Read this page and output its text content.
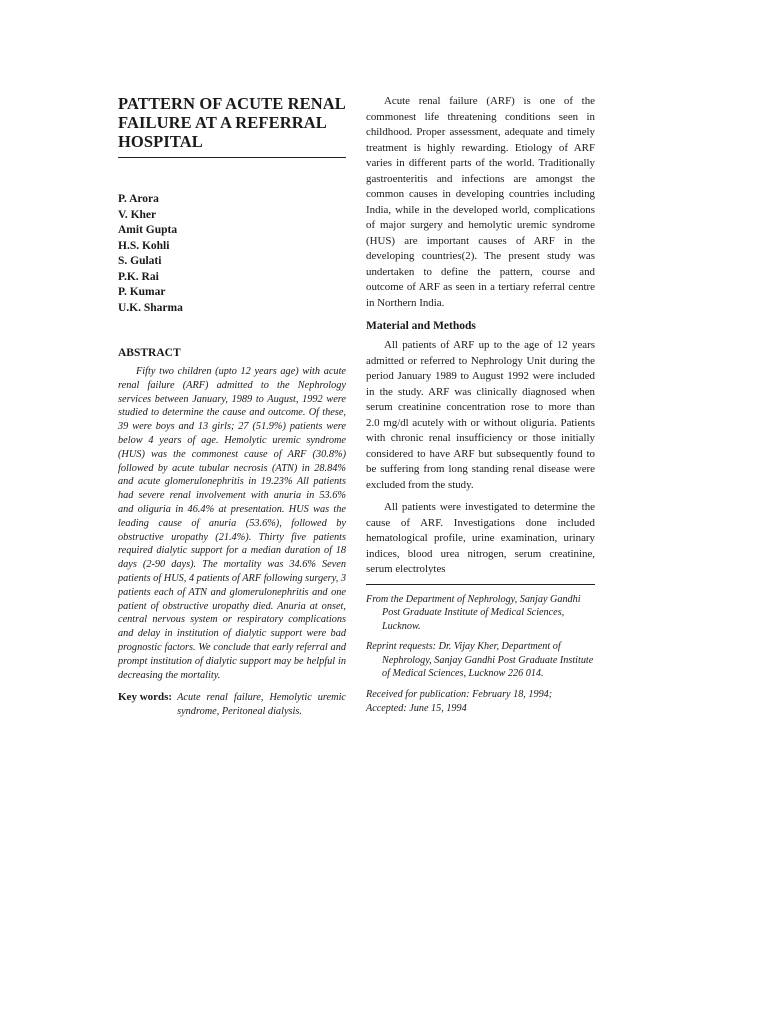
PATTERN OF ACUTE RENAL FAILURE AT A REFERRAL HOSPITAL
P. Arora
V. Kher
Amit Gupta
H.S. Kohli
S. Gulati
P.K. Rai
P. Kumar
U.K. Sharma
ABSTRACT

Fifty two children (upto 12 years age) with acute renal failure (ARF) admitted to the Nephrology services between January, 1989 to August, 1992 were studied to determine the cause and outcome. Of these, 39 were boys and 13 girls; 27 (51.9%) patients were below 4 years of age. Hemolytic uremic syndrome (HUS) was the commonest cause of ARF (30.8%) followed by acute tubular necrosis (ATN) in 28.84% and acute glomerulonephritis in 19.23% All patients had severe renal involvement with anuria in 53.6% and oliguria in 46.4% at presentation. HUS was the leading cause of anuria (53.6%), followed by obstructive uropathy (21.4%). Thirty five patients required dialytic support for a median duration of 18 days (2-90 days). The mortality was 34.6% Seven patients of HUS, 4 patients of ARF following surgery, 3 patients each of ATN and glomerulonephritis and one patient of obstructive uropathy died. Anuria at onset, central nervous system or respiratory complications and delay in institution of dialytic support were bad prognostic factors. We conclude that early referral and prompt institution of dialytic support may be helpful in decreasing the mortality.

Key words: Acute renal failure, Hemolytic uremic syndrome, Peritoneal dialysis.

Acute renal failure (ARF) is one of the commonest life threatening conditions seen in childhood. Proper assessment, adequate and timely treatment is highly rewarding. Etiology of ARF varies in different parts of the world. Traditionally gastroenteritis and infections are amongst the common causes in developing countries including India, while in the developed world, complications of major surgery and hemolytic uremic syndrome (HUS) are important causes of ARF in the developing countries(2). The present study was undertaken to define the pattern, course and outcome of ARF as seen in a tertiary referral centre in Northern India.

Material and Methods

All patients of ARF up to the age of 12 years admitted or referred to Nephrology Unit during the period January 1989 to August 1992 were included in the study. ARF was clinically diagnosed when serum creatinine concentration rose to more than 2.0 mg/dl acutely with or without oliguria. Patients with chronic renal insufficiency or those initially considered to have ARF but subsequently found to be suffering from long standing renal disease were excluded from the study.

All patients were investigated to determine the cause of ARF. Investigations done included hematological profile, urine examination, urinary indices, blood urea nitrogen, serum creatinine, serum electrolytes

From the Department of Nephrology, Sanjay Gandhi Post Graduate Institute of Medical Sciences, Lucknow.

Reprint requests: Dr. Vijay Kher, Department of Nephrology, Sanjay Gandhi Post Graduate Institute of Medical Sciences, Lucknow 226 014.

Received for publication: February 18, 1994;

Accepted: June 15, 1994
